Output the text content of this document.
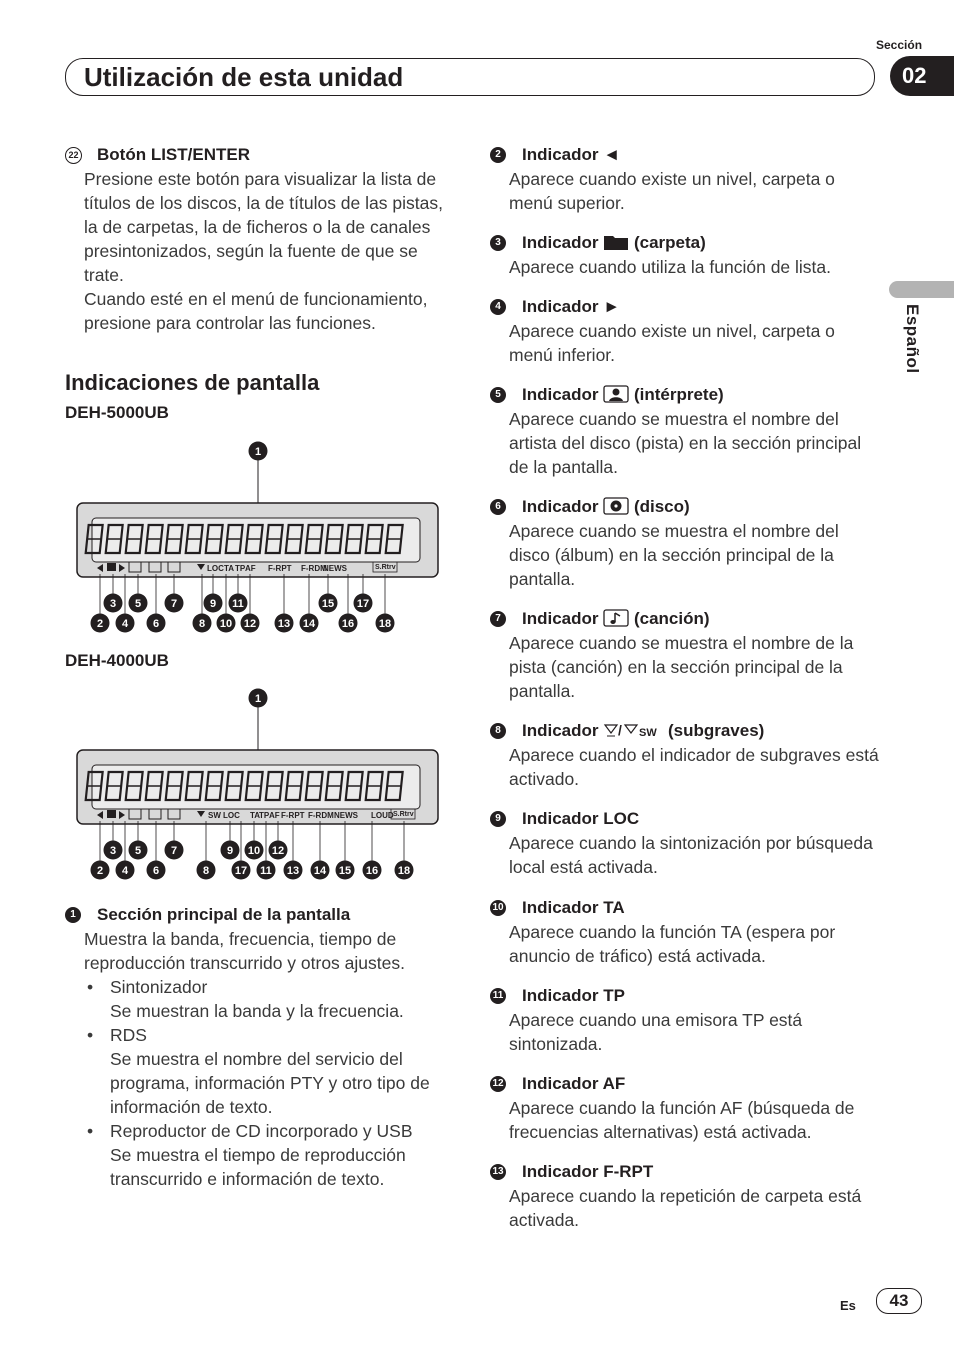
Sección
Utilización de esta unidad	02
Español
22 Botón LIST/ENTER
Presione este botón para visualizar la lista de títulos de los discos, la de títulos de las pistas, la de carpetas, la de ficheros o la de canales presintonizados, según la fuente de que se trate.
Cuando esté en el menú de funcionamiento, presione para controlar las funciones.
Indicaciones de pantalla
DEH-5000UB
LOC TA TP AF F-RPT F-RDM
NEWS	S.Rtrv
1
3 5	7	9 11	15 17
2 4 6	8 10 12 13 14 16 18
DEH-4000UB
SW LOC TA
TP AF F-RPT F-RDM NEWS LOUD S.Rtrv
1
3 5	7	9 10 12
2 4 6	8 17 11 13 14 15 16 18
1	Sección principal de la pantalla
Muestra la banda, frecuencia, tiempo de reproducción transcurrido y otros ajustes.
• Sintonizador
Se muestran la banda y la frecuencia.
• RDS
Se muestra el nombre del servicio del programa, información PTY y otro tipo de información de texto.
• Reproductor de CD incorporado y USB
Se muestra el tiempo de reproducción transcurrido e información de texto.
2	Indicador ◄
Aparece cuando existe un nivel, carpeta o menú superior.
3	Indicador  (carpeta)
Aparece cuando utiliza la función de lista.
4	Indicador ►
Aparece cuando existe un nivel, carpeta o menú inferior.
5	Indicador  (intérprete)
Aparece cuando se muestra el nombre del artista del disco (pista) en la sección principal de la pantalla.
6	Indicador  (disco)
Aparece cuando se muestra el nombre del disco (álbum) en la sección principal de la pantalla.
7	Indicador  (canción)
Aparece cuando se muestra el nombre de la pista (canción) en la sección principal de la pantalla.
8	Indicador / SW (subgraves)
Aparece cuando el indicador de subgraves está activado.
9	Indicador LOC
Aparece cuando la sintonización por búsqueda local está activada.
10 Indicador TA
Aparece cuando la función TA (espera por anuncio de tráfico) está activada.
11 Indicador TP
Aparece cuando una emisora TP está sintonizada.
12 Indicador AF
Aparece cuando la función AF (búsqueda de frecuencias alternativas) está activada.
13 Indicador F-RPT
Aparece cuando la repetición de carpeta está activada.
Es	43
